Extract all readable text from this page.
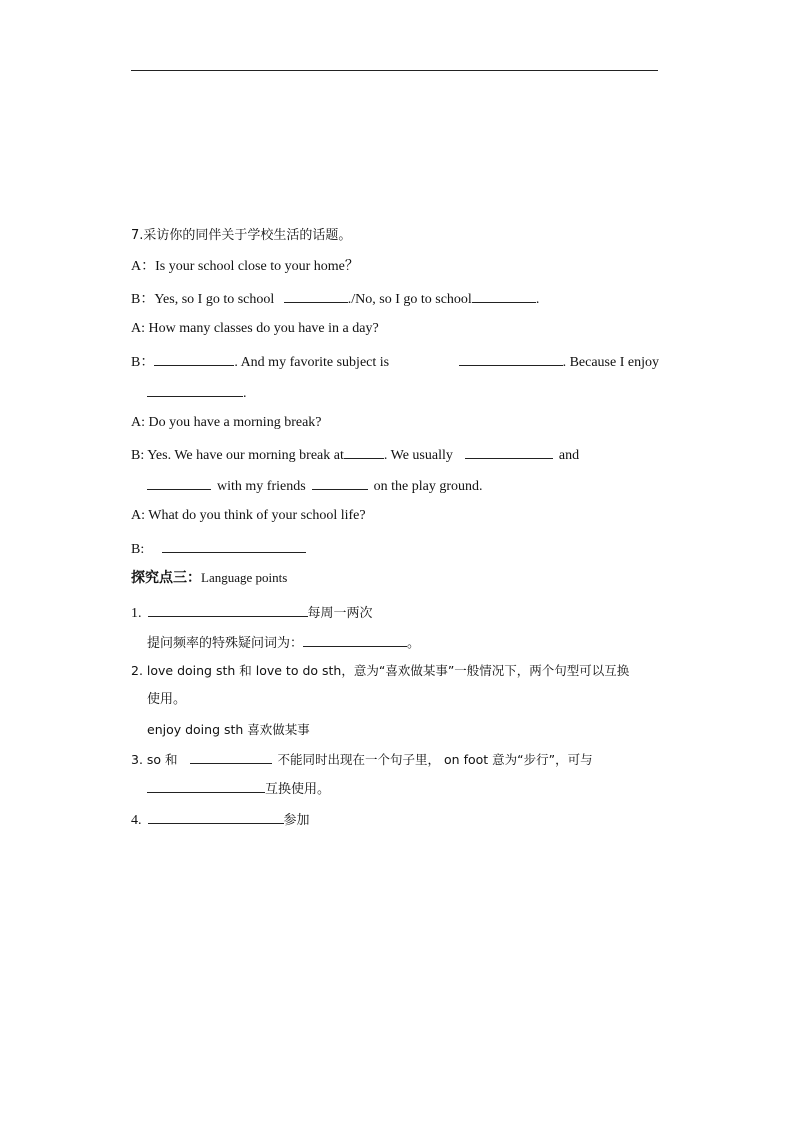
7.采访你的同伴关于学校生活的话题。
A：Is your school close to your home？
B：Yes, so I go to school	./No, so I go to school	.
A: How many classes do you have in a day?
B：	. And my favorite subject is	. Because I enjoy
.
A: Do you have a morning break?
B: Yes. We have our morning break at	. We usually	and
with my friends	on the play ground.
A: What do you think of your school life?
B:
探究点三：Language points
1.	每周一两次
提问频率的特殊疑问词为：	。
2. love doing sth 和 love to do sth，意为“喜欢做某事”一般情况下，两个句型可以互换
使用。
enjoy doing sth 喜欢做某事
3. so 和	不能同时出现在一个句子里， on foot 意为“步行”，可与
互换使用。
4.	参加
